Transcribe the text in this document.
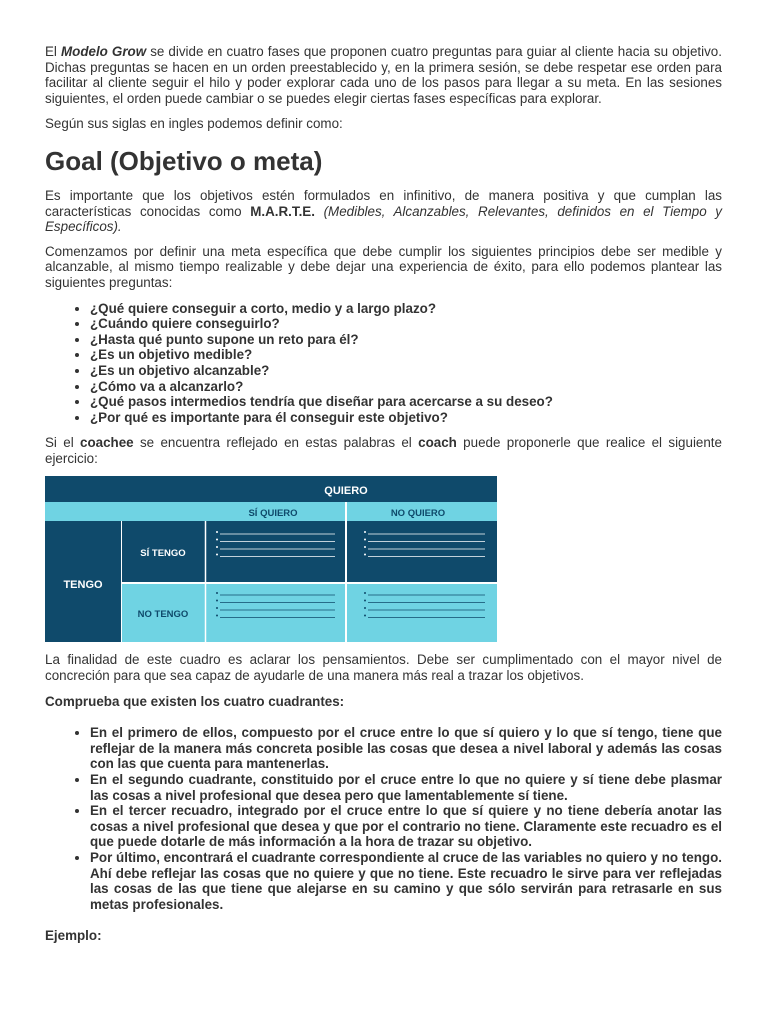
El Modelo Grow se divide en cuatro fases que proponen cuatro preguntas para guiar al cliente hacia su objetivo. Dichas preguntas se hacen en un orden preestablecido y, en la primera sesión, se debe respetar ese orden para facilitar al cliente seguir el hilo y poder explorar cada uno de los pasos para llegar a su meta. En las sesiones siguientes, el orden puede cambiar o se puedes elegir ciertas fases específicas para explorar.

Según sus siglas en ingles podemos definir como:

Goal (Objetivo o meta)

Es importante que los objetivos estén formulados en infinitivo, de manera positiva y que cumplan las características conocidas como M.A.R.T.E. (Medibles, Alcanzables, Relevantes, definidos en el Tiempo y Específicos).

Comenzamos por definir una meta específica que debe cumplir los siguientes principios debe ser medible y alcanzable, al mismo tiempo realizable y debe dejar una experiencia de éxito, para ello podemos plantear las siguientes preguntas:

• ¿Qué quiere conseguir a corto, medio y a largo plazo?
• ¿Cuándo quiere conseguirlo?
• ¿Hasta qué punto supone un reto para él?
• ¿Es un objetivo medible?
• ¿Es un objetivo alcanzable?
• ¿Cómo va a alcanzarlo?
• ¿Qué pasos intermedios tendría que diseñar para acercarse a su deseo?
• ¿Por qué es importante para él conseguir este objetivo?

Si el coachee se encuentra reflejado en estas palabras el coach puede proponerle que realice el siguiente ejercicio:

QUIERO
SÍ QUIERO	NO QUIERO
TENGO
SÍ TENGO
NO TENGO

La finalidad de este cuadro es aclarar los pensamientos. Debe ser cumplimentado con el mayor nivel de concreción para que sea capaz de ayudarle de una manera más real a trazar los objetivos.

Comprueba que existen los cuatro cuadrantes:

• En el primero de ellos, compuesto por el cruce entre lo que sí quiero y lo que sí tengo, tiene que reflejar de la manera más concreta posible las cosas que desea a nivel laboral y además las cosas con las que cuenta para mantenerlas.
• En el segundo cuadrante, constituido por el cruce entre lo que no quiere y sí tiene debe plasmar las cosas a nivel profesional que desea pero que lamentablemente sí tiene.
• En el tercer recuadro, integrado por el cruce entre lo que sí quiere y no tiene debería anotar las cosas a nivel profesional que desea y que por el contrario no tiene. Claramente este recuadro es el que puede dotarle de más información a la hora de trazar su objetivo.
• Por último, encontrará el cuadrante correspondiente al cruce de las variables no quiero y no tengo. Ahí debe reflejar las cosas que no quiere y que no tiene. Este recuadro le sirve para ver reflejadas las cosas de las que tiene que alejarse en su camino y que sólo servirán para retrasarle en sus metas profesionales.

Ejemplo:
